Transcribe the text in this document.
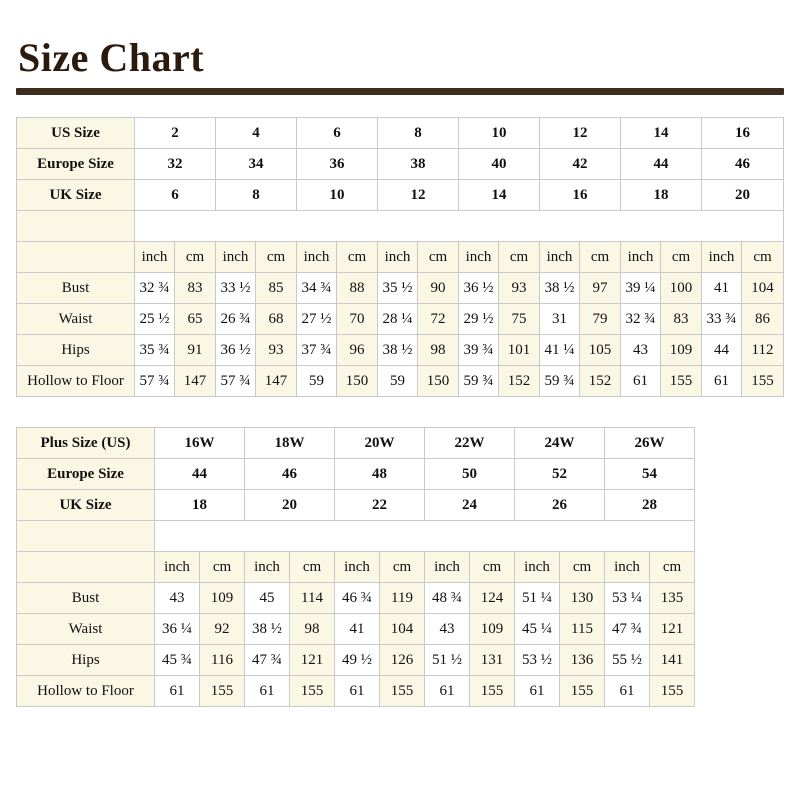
Size Chart
US Size	2		4		6		8		10		12		14		16	
Europe Size	32		34		36		38		40		42		44		46	
UK Size	6		8		10		12		14		16		18		20	

	inch	cm	inch	cm	inch	cm	inch	cm	inch	cm	inch	cm	inch	cm	inch	cm
Bust	32 ¾	83	33 ½	85	34 ¾	88	35 ½	90	36 ½	93	38 ½	97	39 ¼	100	41	104
Waist	25 ½	65	26 ¾	68	27 ½	70	28 ¼	72	29 ½	75	31	79	32 ¾	83	33 ¾	86
Hips	35 ¾	91	36 ½	93	37 ¾	96	38 ½	98	39 ¾	101	41 ¼	105	43	109	44	112
Hollow to Floor	57 ¾	147	57 ¾	147	59	150	59	150	59 ¾	152	59 ¾	152	61	155	61	155
Plus Size (US)	16W		18W		20W		22W		24W		26W		
Europe Size	44		46		48		50		52		54		
UK Size	18		20		22		24		26		28		

	inch	cm	inch	cm	inch	cm	inch	cm	inch	cm	inch	cm	
Bust	43	109	45	114	46 ¾	119	48 ¾	124	51 ¼	130	53 ¼	135	
Waist	36 ¼	92	38 ½	98	41	104	43	109	45 ¼	115	47 ¾	121	
Hips	45 ¾	116	47 ¾	121	49 ½	126	51 ½	131	53 ½	136	55 ½	141	
Hollow to Floor	61	155	61	155	61	155	61	155	61	155	61	155	
